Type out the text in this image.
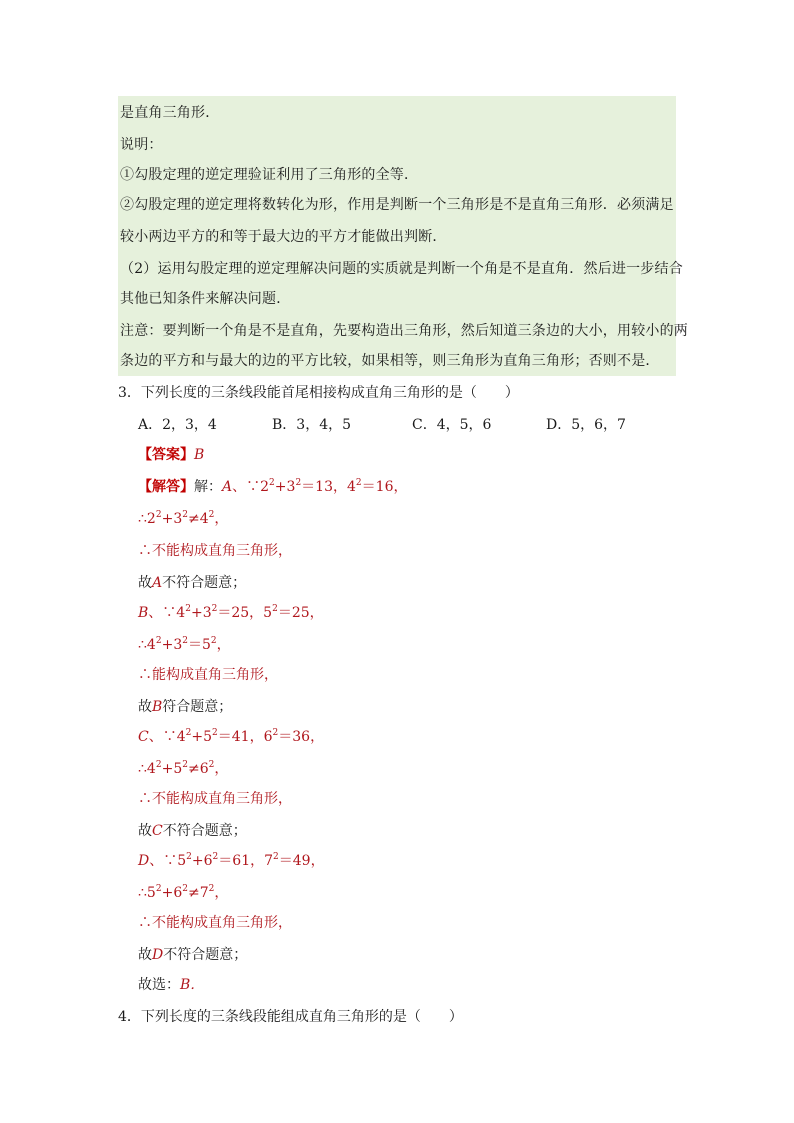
是直角三角形．
说明：
①勾股定理的逆定理验证利用了三角形的全等．
②勾股定理的逆定理将数转化为形，作用是判断一个三角形是不是直角三角形．必须满足
较小两边平方的和等于最大边的平方才能做出判断．
（2）运用勾股定理的逆定理解决问题的实质就是判断一个角是不是直角．然后进一步结合
其他已知条件来解决问题．
注意：要判断一个角是不是直角，先要构造出三角形，然后知道三条边的大小，用较小的两
条边的平方和与最大的边的平方比较，如果相等，则三角形为直角三角形；否则不是．
3．下列长度的三条线段能首尾相接构成直角三角形的是（　　）
A．2，3，4	B．3，4，5	C．4，5，6	D．5，6，7
【答案】B
【解答】解：A、$\because 2^2+3^2=13$，$4^2=16$，
$\therefore 2^2+3^2\ne 4^2$，
∴不能构成直角三角形，
故A不符合题意；
B、$\because 4^2+3^2=25$，$5^2=25$，
$\therefore 4^2+3^2=5^2$，
∴能构成直角三角形，
故B符合题意；
C、$\because 4^2+5^2=41$，$6^2=36$，
$\therefore 4^2+5^2\ne 6^2$，
∴不能构成直角三角形，
故C不符合题意；
D、$\because 5^2+6^2=61$，$7^2=49$，
$\therefore 5^2+6^2\ne 7^2$，
∴不能构成直角三角形，
故D不符合题意；
故选：B．
4．下列长度的三条线段能组成直角三角形的是（　　）
